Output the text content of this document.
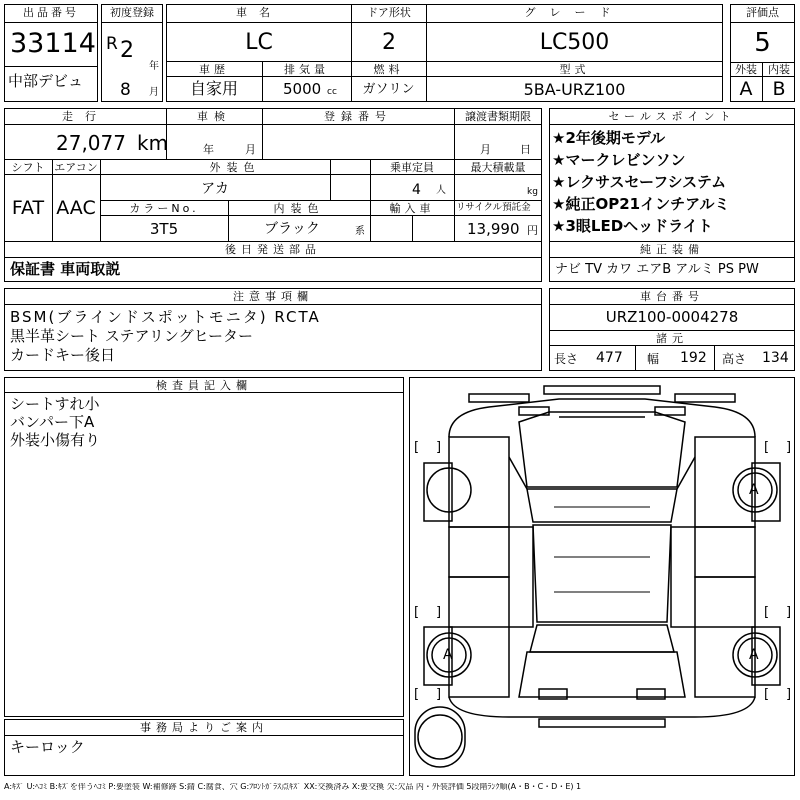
出品番号
33114
中部デビュ
初度登録
R 2
年
8 月
車名
LC
ドア形状
2
グレード
LC500
評価点
5
外装	内装
A	B
車歴	排気量	燃料	型式
自家用	5000 cc	ガソリン	5BA-URZ100
走行
27,077 km
車検
年	月
登録番号	譲渡書類期限
月	日
シフト
FAT
エアコン
AAC
外装色
アカ
カラーNo.
3T5
内装色
ブラック	系
乗車定員
4 人
最大積載量
kg
輸入車	リサイクル預託金
13,990 円
セールスポイント
★2年後期モデル
★マークレビンソン
★レクサスセーフシステム
★純正OP21インチアルミ
★3眼LEDヘッドライト
後日発送部品
保証書 車両取説
純正装備
ナビ TV カワ エアB アルミ PS PW
注意事項欄
BSM(ブラインドスポットモニタ) RCTA
黒半革シート ステアリングヒーター
カードキー後日
車台番号
URZ100-0004278
諸元
長さ 477 幅 192 高さ 134
検査員記入欄
シートすれ小
バンパー下A
外装小傷有り
事務局よりご案内
キーロック
A
A	A
[ ]	[ ]
[ ]	[ ]
[ ]	[ ]
A:ｷｽﾞ U:ﾍｺﾐ B:ｷｽﾞを伴うﾍｺﾐ P:要塗装 W:補修跡 S:錆 C:腐食、穴 G:ﾌﾛﾝﾄｶﾞﾗｽ点ｷｽﾞ XX:交換済み X:要交換 欠:欠品 内・外装評価 5段階ﾗﾝｸ順(A・B・C・D・E) 1
